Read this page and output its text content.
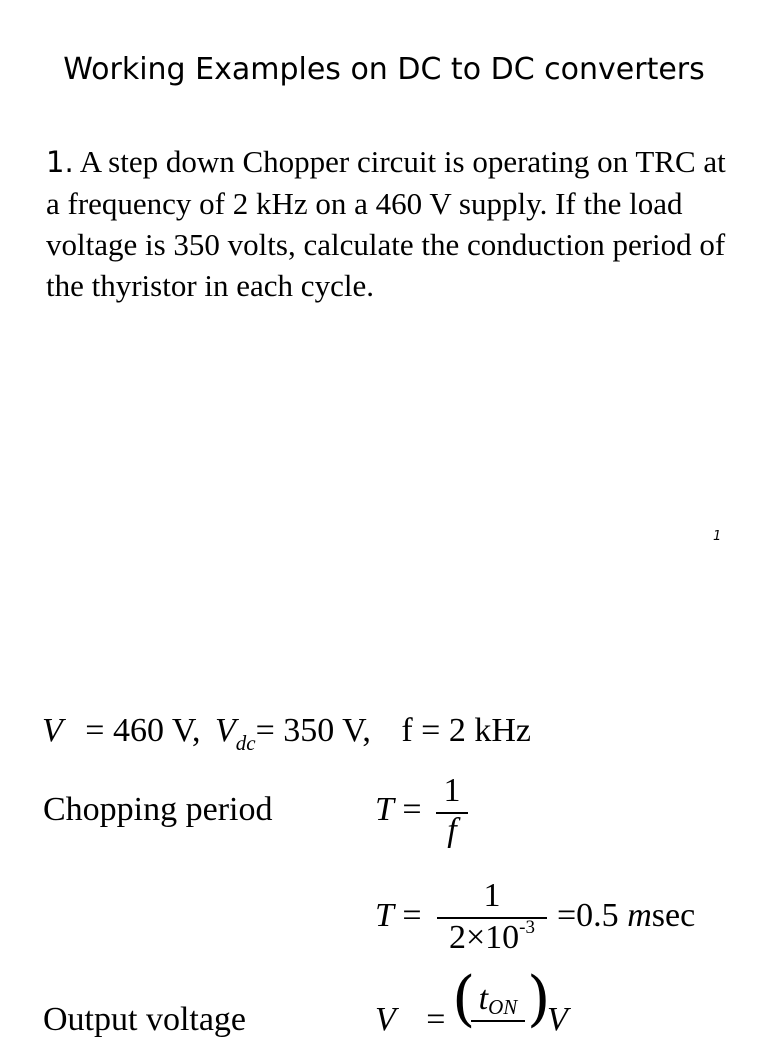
Working Examples on DC to DC converters
1. A step down Chopper circuit is operating on TRC at a frequency of 2 kHz on a 460 V supply. If the load voltage is 350 volts, calculate the conduction period of the thyristor in each cycle.
1
V = 460 V, $V_{dc}= 350$ V, f = 2 kHz
Chopping period	T =
1
f
T =
1
$2\times 10^{-3} =0.5$ msec
Output voltage	V = ( tON )
V
